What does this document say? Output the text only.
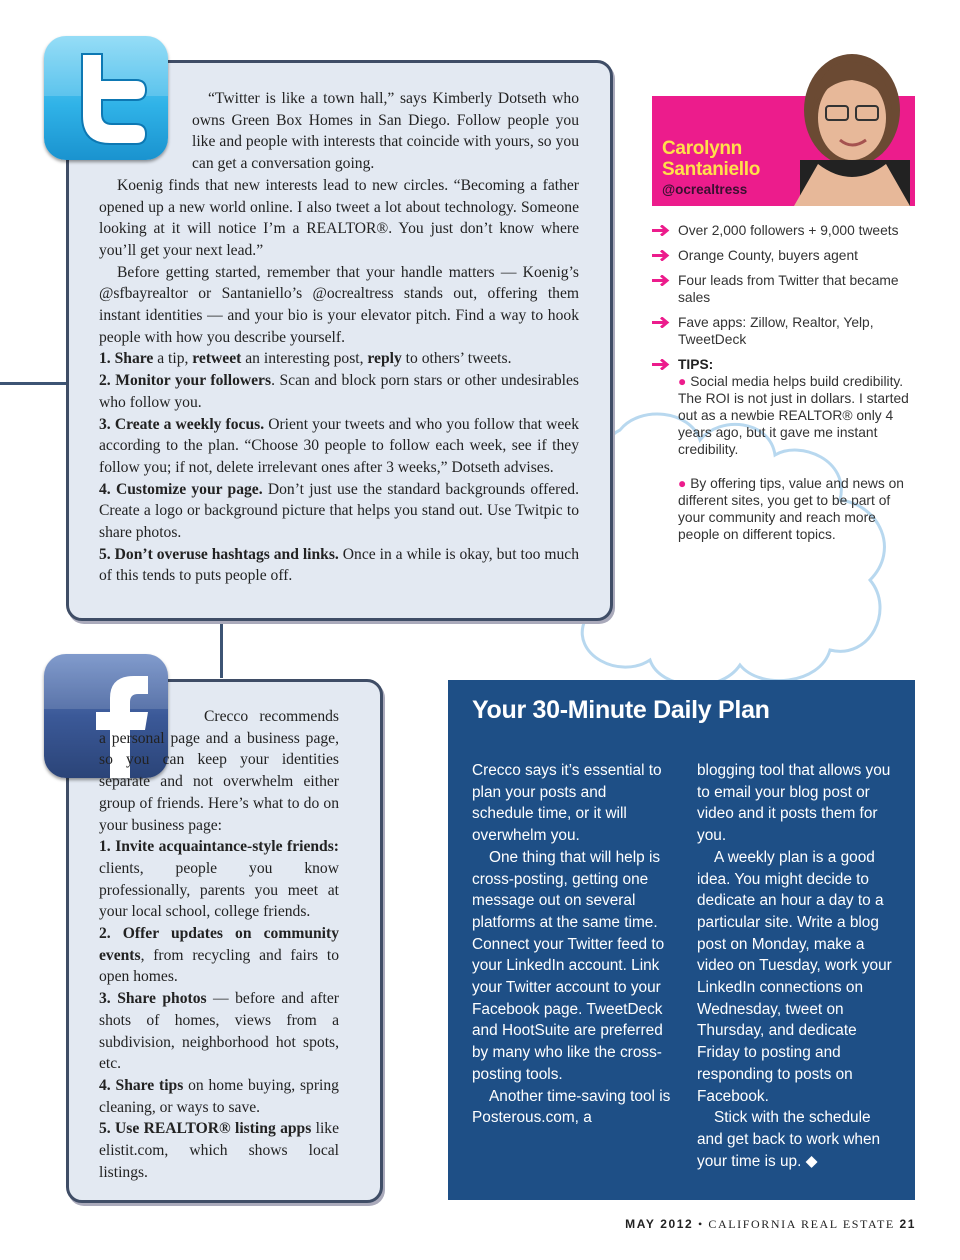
“Twitter is like a town hall,” says Kimberly Dotseth who owns Green Box Homes in San Diego. Follow people you like and people with interests that coincide with yours, so you can get a conversation going.

Koenig finds that new interests lead to new circles. “Becoming a father opened up a new world online. I also tweet a lot about technology. Someone looking at it will notice I’m a REALTOR®. You just don’t know where you’ll get your next lead.”

Before getting started, remember that your handle matters — Koenig’s @sfbayrealtor or Santaniello’s @ocrealtress stands out, offering them instant identities — and your bio is your elevator pitch. Find a way to hook people with how you describe yourself.

1. Share a tip, retweet an interesting post, reply to others’ tweets.

2. Monitor your followers. Scan and block porn stars or other undesirables who follow you.

3. Create a weekly focus. Orient your tweets and who you follow that week according to the plan. “Choose 30 people to follow each week, see if they follow you; if not, delete irrelevant ones after 3 weeks,” Dotseth advises.

4. Customize your page. Don’t just use the standard backgrounds offered. Create a logo or background picture that helps you stand out. Use Twitpic to share photos.

5. Don’t overuse hashtags and links. Once in a while is okay, but too much of this tends to puts people off.

Carolynn
Santaniello
@ocrealtress
Over 2,000 followers + 9,000 tweets
Orange County, buyers agent
Four leads from Twitter that became sales
Fave apps: Zillow, Realtor, Yelp, TweetDeck
TIPS:
● Social media helps build credibility. The ROI is not just in dollars. I started out as a newbie REALTOR® only 4 years ago, but it gave me instant credibility.
● By offering tips, value and news on different sites, you get to be part of your community and reach more people on different topics.

Crecco recommends a personal page and a business page, so you can keep your identities separate and not overwhelm either group of friends. Here’s what to do on your business page:

1. Invite acquaintance-style friends: clients, people you know professionally, parents you meet at your local school, college friends.

2. Offer updates on community events, from recycling and fairs to open homes.

3. Share photos — before and after shots of homes, views from a subdivision, neighborhood hot spots, etc.

4. Share tips on home buying, spring cleaning, or ways to save.

5. Use REALTOR® listing apps like elistit.com, which shows local listings.

Your 30-Minute Daily Plan

Crecco says it’s essential to plan your posts and schedule time, or it will overwhelm you.

One thing that will help is cross-posting, getting one message out on several platforms at the same time. Connect your Twitter feed to your LinkedIn account. Link your Twitter account to your Facebook page. TweetDeck and HootSuite are preferred by many who like the cross-posting tools.

Another time-saving tool is Posterous.com, a

blogging tool that allows you to email your blog post or video and it posts them for you.

A weekly plan is a good idea. You might decide to dedicate an hour a day to a particular site. Write a blog post on Monday, make a video on Tuesday, work your LinkedIn connections on Wednesday, tweet on Thursday, and dedicate Friday to posting and responding to posts on Facebook.

Stick with the schedule and get back to work when your time is up. ◆

MAY 2012 • CALIFORNIA REAL ESTATE 21
